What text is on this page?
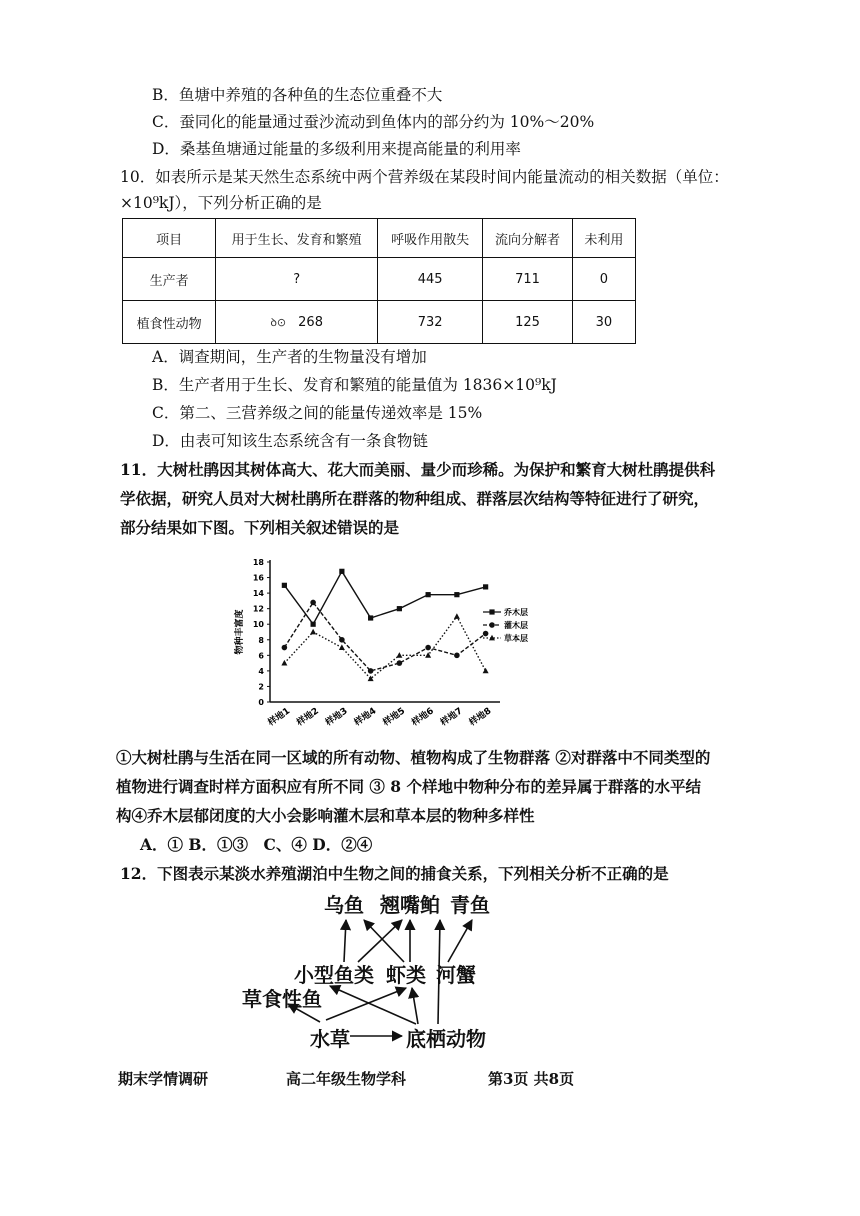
B．鱼塘中养殖的各种鱼的生态位重叠不大
C．蚕同化的能量通过蚕沙流动到鱼体内的部分约为 10%～20%
D．桑基鱼塘通过能量的多级利用来提高能量的利用率
10．如表所示是某天然生态系统中两个营养级在某段时间内能量流动的相关数据（单位：
×10⁹kJ），下列分析正确的是
项目	用于生长、发育和繁殖	呼吸作用散失	流向分解者	未利用
生产者	?	445	711	0
植食性动物	ꝺ⊙ 268	732	125	30
A．调查期间，生产者的生物量没有增加
B．生产者用于生长、发育和繁殖的能量值为 1836×10⁹kJ
C．第二、三营养级之间的能量传递效率是 15%
D．由表可知该生态系统含有一条食物链
11．大树杜鹃因其树体高大、花大而美丽、量少而珍稀。为保护和繁育大树杜鹃提供科
学依据，研究人员对大树杜鹃所在群落的物种组成、群落层次结构等特征进行了研究，
部分结果如下图。下列相关叙述错误的是
0
2
4
6
8
10
12
14
16
18
样地1 样地2 样地3 样地4 样地5 样地6 样地7 样地8
物种丰富度	乔木层
灌木层
草本层
①大树杜鹃与生活在同一区域的所有动物、植物构成了生物群落 ②对群落中不同类型的
植物进行调查时样方面积应有所不同 ③ 8 个样地中物种分布的差异属于群落的水平结
构④乔木层郁闭度的大小会影响灌木层和草本层的物种多样性
A．① B．①③　C、④ D．②④
12．下图表示某淡水养殖湖泊中生物之间的捕食关系，下列相关分析不正确的是
乌鱼 翘嘴鲌 青鱼
小型鱼类 虾类 河蟹
草食性鱼
水草	底栖动物
期末学情调研	高二年级生物学科	第3页 共8页
